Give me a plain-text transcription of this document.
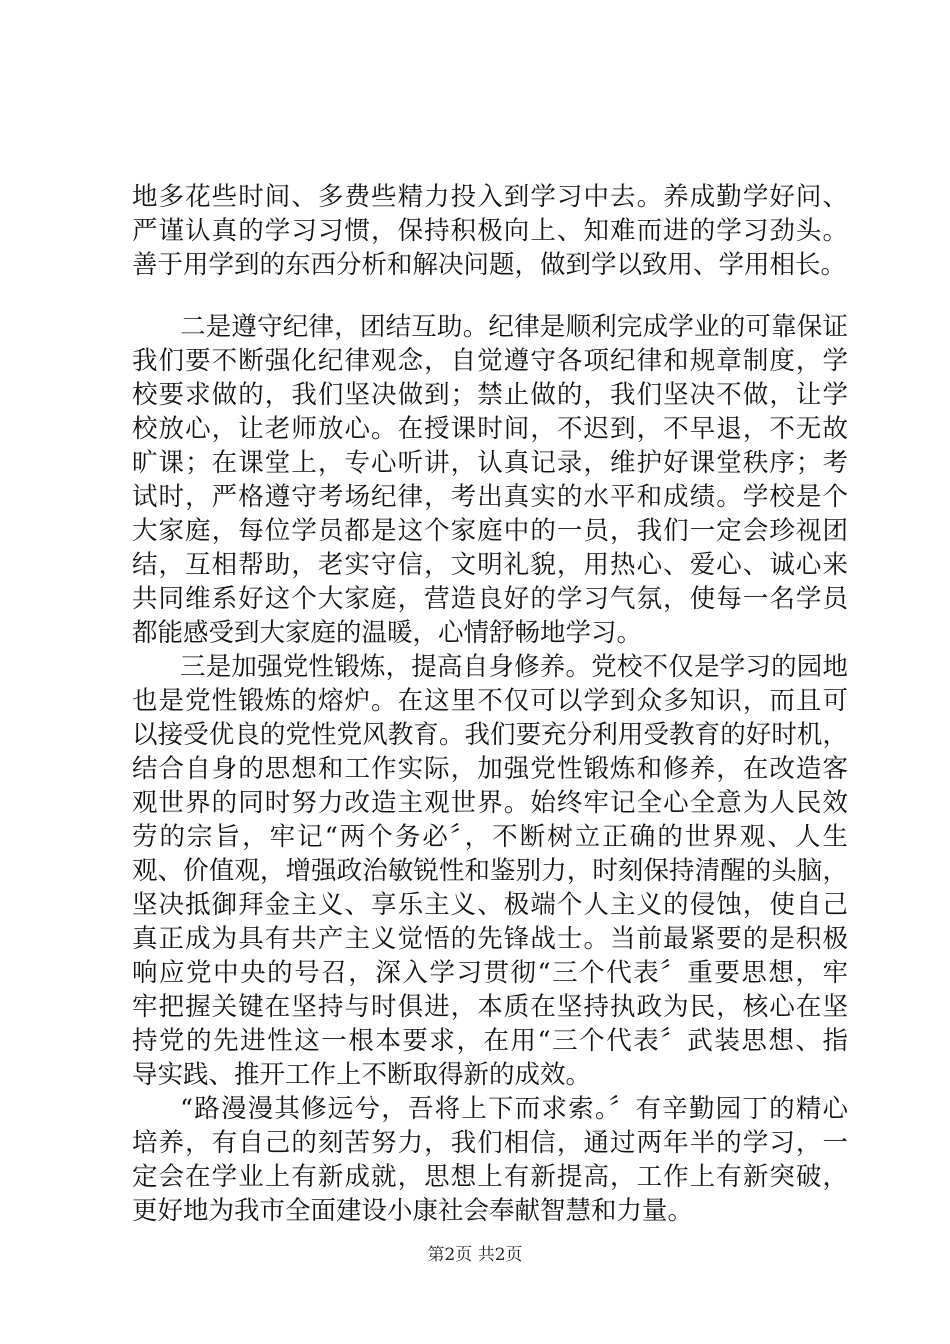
地多花些时间、多费些精力投入到学习中去。养成勤学好问、
严谨认真的学习习惯，保持积极向上、知难而进的学习劲头。
善于用学到的东西分析和解决问题，做到学以致用、学用相长。
二是遵守纪律，团结互助。纪律是顺利完成学业的可靠保证
我们要不断强化纪律观念，自觉遵守各项纪律和规章制度，学
校要求做的，我们坚决做到；禁止做的，我们坚决不做，让学
校放心，让老师放心。在授课时间，不迟到，不早退，不无故
旷课；在课堂上，专心听讲，认真记录，维护好课堂秩序；考
试时，严格遵守考场纪律，考出真实的水平和成绩。学校是个
大家庭，每位学员都是这个家庭中的一员，我们一定会珍视团
结，互相帮助，老实守信，文明礼貌，用热心、爱心、诚心来
共同维系好这个大家庭，营造良好的学习气氛，使每一名学员
都能感受到大家庭的温暖，心情舒畅地学习。
三是加强党性锻炼，提高自身修养。党校不仅是学习的园地
也是党性锻炼的熔炉。在这里不仅可以学到众多知识，而且可
以接受优良的党性党风教育。我们要充分利用受教育的好时机，
结合自身的思想和工作实际，加强党性锻炼和修养，在改造客
观世界的同时努力改造主观世界。始终牢记全心全意为人民效
劳的宗旨，牢记“两个务必〞，不断树立正确的世界观、人生
观、价值观，增强政治敏锐性和鉴别力，时刻保持清醒的头脑，
坚决抵御拜金主义、享乐主义、极端个人主义的侵蚀，使自己
真正成为具有共产主义觉悟的先锋战士。当前最紧要的是积极
响应党中央的号召，深入学习贯彻“三个代表〞重要思想，牢
牢把握关键在坚持与时俱进，本质在坚持执政为民，核心在坚
持党的先进性这一根本要求，在用“三个代表〞武装思想、指
导实践、推开工作上不断取得新的成效。
“路漫漫其修远兮，吾将上下而求索。〞有辛勤园丁的精心
培养，有自己的刻苦努力，我们相信，通过两年半的学习，一
定会在学业上有新成就，思想上有新提高，工作上有新突破，
更好地为我市全面建设小康社会奉献智慧和力量。
第2页 共2页
